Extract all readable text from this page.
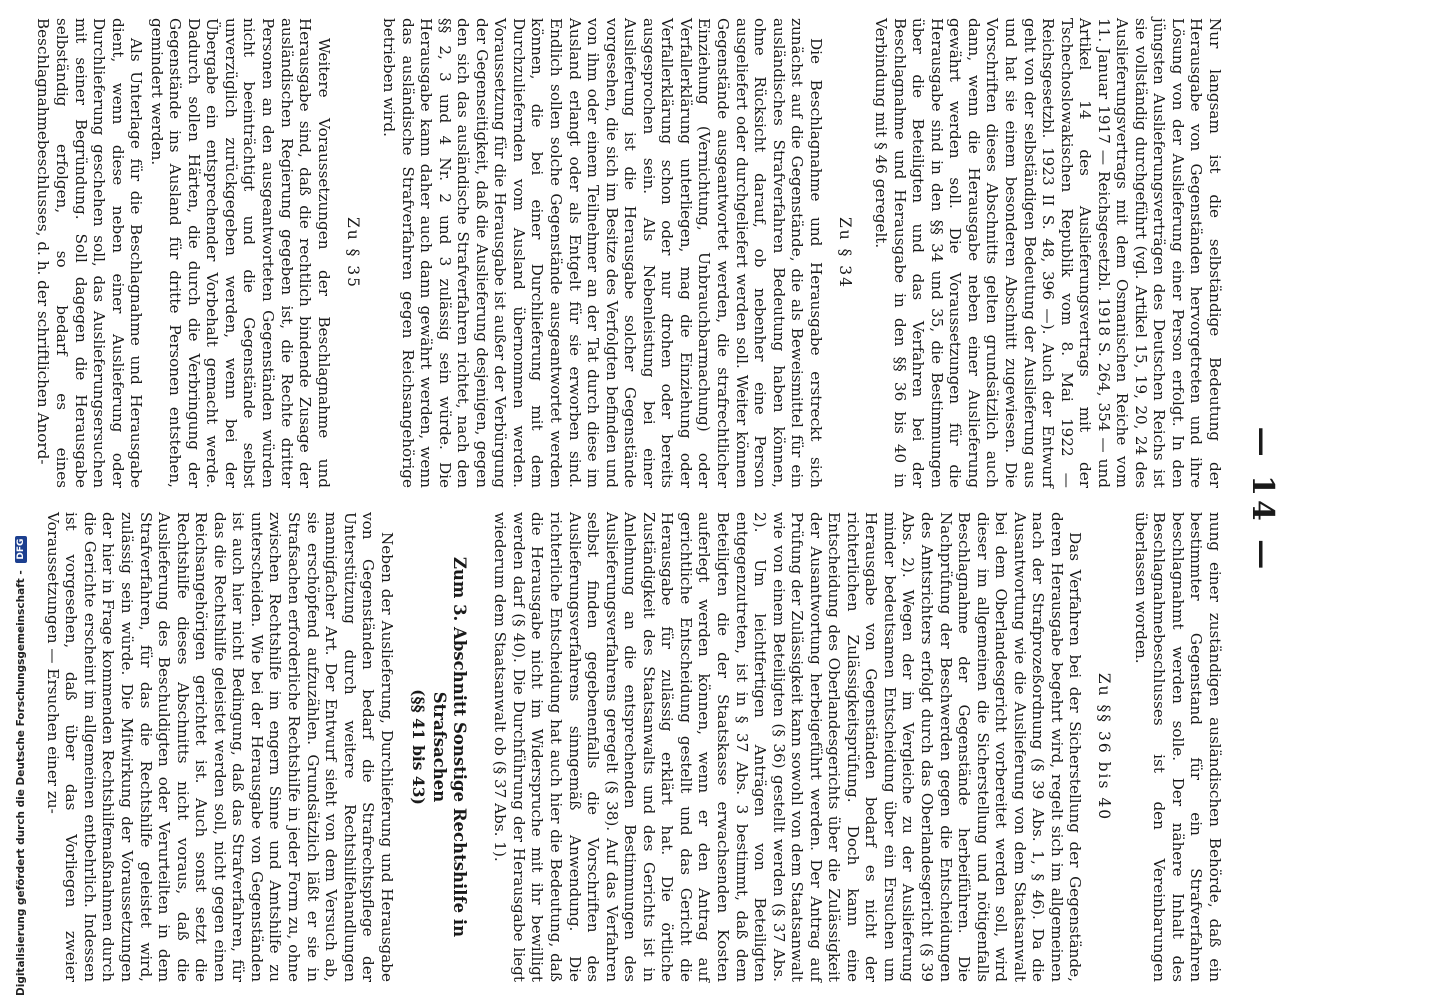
— 14 —

Nur langsam ist die selbständige Bedeutung der Herausgabe von Gegenständen hervorgetreten und ihre Lösung von der Auslieferung einer Person erfolgt. In den jüngsten Auslieferungsverträgen des Deutschen Reichs ist sie vollständig durchgeführt (vgl. Artikel 15, 19, 20, 24 des Auslieferungsvertrags mit dem Osmanischen Reiche vom 11. Januar 1917 — Reichsgesetzbl. 1918 S. 264, 354 — und Artikel 14 des Auslieferungsvertrags mit der Tschechoslowakischen Republik vom 8. Mai 1922 — Reichsgesetzbl. 1923 II S. 48, 396 —). Auch der Entwurf geht von der selbständigen Bedeutung der Auslieferung aus und hat sie einem besonderen Abschnitt zugewiesen. Die Vorschriften dieses Abschnitts gelten grundsätzlich auch dann, wenn die Herausgabe neben einer Auslieferung gewährt werden soll. Die Voraussetzungen für die Herausgabe sind in den §§ 34 und 35, die Bestimmungen über die Beteiligten und das Verfahren bei der Beschlagnahme und Herausgabe in den §§ 36 bis 40 in Verbindung mit § 46 geregelt.

Zu § 34

Die Beschlagnahme und Herausgabe erstreckt sich zunächst auf die Gegenstände, die als Beweismittel für ein ausländisches Strafverfahren Bedeutung haben können, ohne Rücksicht darauf, ob nebenher eine Person ausgeliefert oder durchgeliefert werden soll. Weiter können Gegenstände ausgeantwortet werden, die strafrechtlicher Einziehung (Vernichtung, Unbrauchbarmachung) oder Verfallerklärung unterliegen, mag die Einziehung oder Verfallerklärung schon oder nur drohen oder bereits ausgesprochen sein. Als Nebenleistung bei einer Auslieferung ist die Herausgabe solcher Gegenstände vorgesehen, die sich im Besitze des Verfolgten befinden und von ihm oder einem Teilnehmer an der Tat durch diese im Ausland erlangt oder als Entgelt für sie erworben sind. Endlich sollen solche Gegenstände ausgeantwortet werden können, die bei einer Durchlieferung mit dem Durchzuliefernden vom Ausland übernommen werden. Voraussetzung für die Herausgabe ist außer der Verbürgung der Gegenseitigkeit, daß die Auslieferung desjenigen, gegen den sich das ausländische Strafverfahren richtet, nach den §§ 2, 3 und 4 Nr. 2 und 3 zulässig sein würde. Die Herausgabe kann daher auch dann gewährt werden, wenn das ausländische Strafverfahren gegen Reichsangehörige betrieben wird.

Zu § 35

Weitere Voraussetzungen der Beschlagnahme und Herausgabe sind, daß die rechtlich bindende Zusage der ausländischen Regierung gegeben ist, die Rechte dritter Personen an den ausgeantworteten Gegenständen würden nicht beeinträchtigt und die Gegenstände selbst unverzüglich zurückgegeben werden, wenn bei der Übergabe ein entsprechender Vorbehalt gemacht werde. Dadurch sollen Härten, die durch die Verbringung der Gegenstände ins Ausland für dritte Personen entstehen, gemindert werden.

Als Unterlage für die Beschlagnahme und Herausgabe dient, wenn diese neben einer Auslieferung oder Durchlieferung geschehen soll, das Auslieferungsersuchen mit seiner Begründung. Soll dagegen die Herausgabe selbständig erfolgen, so bedarf es eines Beschlagnahmebeschlusses, d. h. der schriftlichen Anord-

nung einer zuständigen ausländischen Behörde, daß ein bestimmter Gegenstand für ein Strafverfahren beschlagnahmt werden solle. Der nähere Inhalt des Beschlagnahmebeschlusses ist den Vereinbarungen überlassen worden.

Zu §§ 36 bis 40

Das Verfahren bei der Sicherstellung der Gegenstände, deren Herausgabe begehrt wird, regelt sich im allgemeinen nach der Strafprozeßordnung (§ 39 Abs. 1, § 46). Da die Ausantwortung wie die Auslieferung von dem Staatsanwalt bei dem Oberlandesgericht vorbereitet werden soll, wird dieser im allgemeinen die Sicherstellung und nötigenfalls Beschlagnahme der Gegenstände herbeiführen. Die Nachprüfung der Beschwerden gegen die Entscheidungen des Amtsrichters erfolgt durch das Oberlandesgericht (§ 39 Abs. 2). Wegen der im Vergleiche zu der Auslieferung minder bedeutsamen Entscheidung über ein Ersuchen um Herausgabe von Gegenständen bedarf es nicht der richterlichen Zulässigkeitsprüfung. Doch kann eine Entscheidung des Oberlandesgerichts über die Zulässigkeit der Ausantwortung herbeigeführt werden. Der Antrag auf Prüfung der Zulässigkeit kann sowohl von dem Staatsanwalt wie von einem Beteiligten (§ 36) gestellt werden (§ 37 Abs. 2). Um leichtfertigen Anträgen von Beteiligten entgegenzutreten, ist in § 37 Abs. 3 bestimmt, daß dem Beteiligten die der Staatskasse erwachsenden Kosten auferlegt werden können, wenn er den Antrag auf gerichtliche Entscheidung gestellt und das Gericht die Herausgabe für zulässig erklärt hat. Die örtliche Zuständigkeit des Staatsanwalts und des Gerichts ist in Anlehnung an die entsprechenden Bestimmungen des Auslieferungsverfahrens geregelt (§ 38). Auf das Verfahren selbst finden gegebenenfalls die Vorschriften des Auslieferungsverfahrens sinngemäß Anwendung. Die richterliche Entscheidung hat auch hier die Bedeutung, daß die Herausgabe nicht im Widerspruche mit ihr bewilligt werden darf (§ 40). Die Durchführung der Herausgabe liegt wiederum dem Staatsanwalt ob (§ 37 Abs. 1).

Zum 3. Abschnitt Sonstige Rechtshilfe in Strafsachen
(§§ 41 bis 43)

Neben der Auslieferung, Durchlieferung und Herausgabe von Gegenständen bedarf die Strafrechtspflege der Unterstützung durch weitere Rechtshilfehandlungen mannigfacher Art. Der Entwurf sieht von dem Versuch ab, sie erschöpfend aufzuzählen. Grundsätzlich läßt er sie in Strafsachen erforderliche Rechtshilfe in jeder Form zu, ohne zwischen Rechtshilfe im engern Sinne und Amtshilfe zu unterscheiden. Wie bei der Herausgabe von Gegenständen ist auch hier nicht Bedingung, daß das Strafverfahren, für das die Rechtshilfe geleistet werden soll, nicht gegen einen Reichsangehörigen gerichtet ist. Auch sonst setzt die Rechtshilfe dieses Abschnitts nicht voraus, daß die Auslieferung des Beschuldigten oder Verurteilten in dem Strafverfahren, für das die Rechtshilfe geleistet wird, zulässig sein würde. Die Mitwirkung der Voraussetzungen der hier in Frage kommenden Rechtshilfemaßnahmen durch die Gerichte erscheint im allgemeinen entbehrlich. Indessen ist vorgesehen, daß über das Vorliegen zweier Voraussetzungen — Ersuchen einer zu-

Digitalisierung gefördert durch die Deutsche Forschungsgemeinschaft - DFG
